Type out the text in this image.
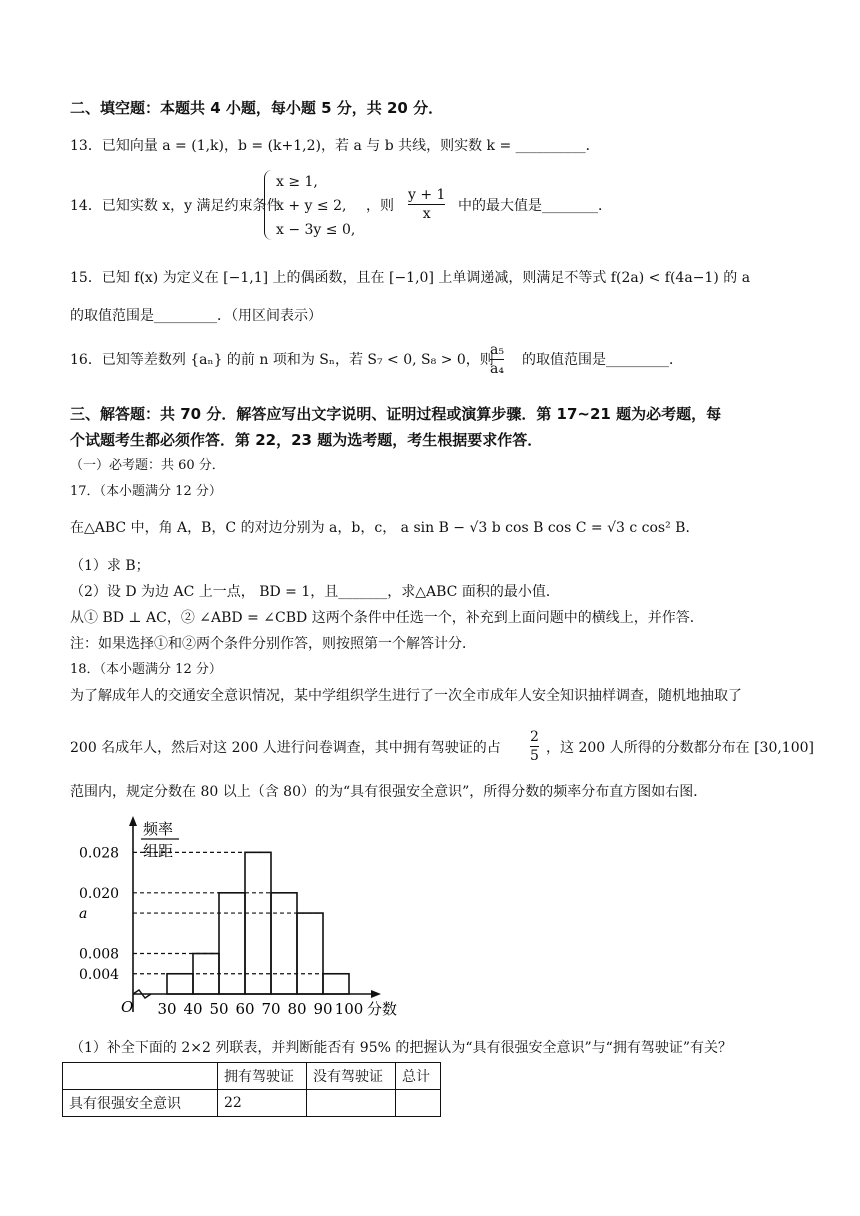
二、填空题：本题共 4 小题，每小题 5 分，共 20 分．
13．已知向量 a = (1,k)，b = (k+1,2)，若 a 与 b 共线，则实数 k = __________．
14．已知实数 x，y 满足约束条件
x ≥ 1,
x + y ≤ 2,
x − 3y ≤ 0,
，则 $\frac{y + 1}{x}$ 中的最大值是________．
15．已知 f(x) 为定义在 [−1,1] 上的偶函数，且在 [−1,0] 上单调递减，则满足不等式 f(2a) < f(4a−1) 的 a
的取值范围是_________．（用区间表示）
16．已知等差数列 {aₙ} 的前 n 项和为 Sₙ，若 S₇ < 0, S₈ > 0，则
$\frac{\text{a₅}}{\text{a₄}}$ 的取值范围是_________．
三、解答题：共 70 分．解答应写出文字说明、证明过程或演算步骤．第 17~21 题为必考题，每
个试题考生都必须作答．第 22，23 题为选考题，考生根据要求作答．
（一）必考题：共 60 分．
17．（本小题满分 12 分）
在△ABC 中，角 A，B，C 的对边分别为 a，b，c， a sin B − √3 b cos B cos C = √3 c cos² B．
（1）求 B；
（2）设 D 为边 AC 上一点， BD = 1，且_______，求△ABC 面积的最小值．
从① BD ⊥ AC，② ∠ABD = ∠CBD 这两个条件中任选一个，补充到上面问题中的横线上，并作答．
注：如果选择①和②两个条件分别作答，则按照第一个解答计分．
18．（本小题满分 12 分）
为了解成年人的交通安全意识情况，某中学组织学生进行了一次全市成年人安全知识抽样调查，随机地抽取了
200 名成年人，然后对这 200 人进行问卷调查，其中拥有驾驶证的占 $\frac{2}{5}$ ，这 200 人所得的分数都分布在 [30,100]
范围内，规定分数在 80 以上（含 80）的为“具有很强安全意识”，所得分数的频率分布直方图如右图．
频率
组距
O	分数
0.028
0.020
a
0.008
0.004
30 40 50 60 70 80 90 100
（1）补全下面的 2×2 列联表，并判断能否有 95% 的把握认为“具有很强安全意识”与“拥有驾驶证”有关？
	拥有驾驶证	没有驾驶证	总计
具有很强安全意识	22		
